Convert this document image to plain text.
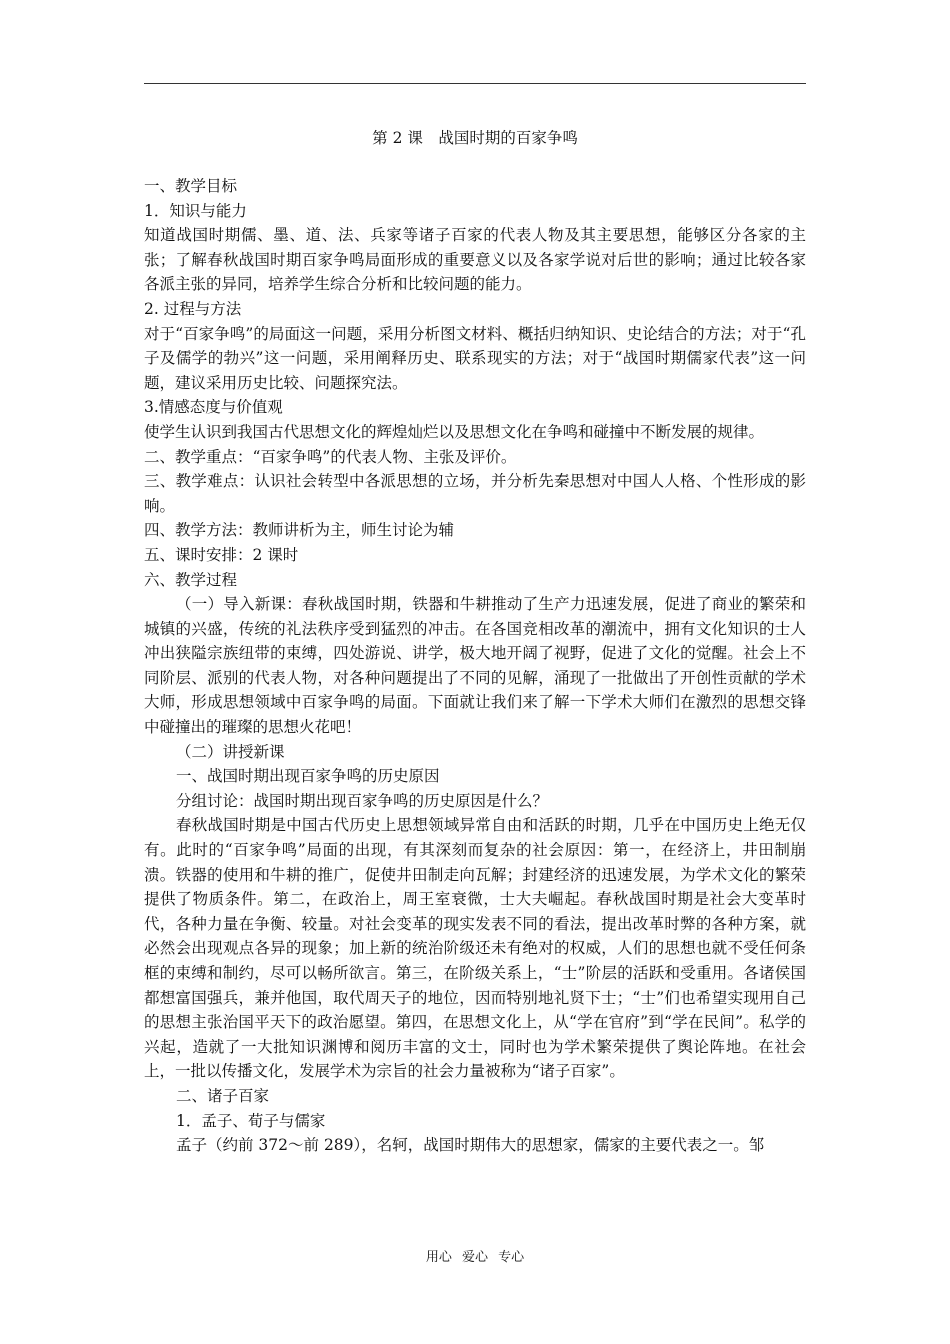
第 2 课　战国时期的百家争鸣

一、教学目标

1．知识与能力

知道战国时期儒、墨、道、法、兵家等诸子百家的代表人物及其主要思想，能够区分各家的主张；了解春秋战国时期百家争鸣局面形成的重要意义以及各家学说对后世的影响；通过比较各家各派主张的异同，培养学生综合分析和比较问题的能力。

2. 过程与方法

对于“百家争鸣”的局面这一问题，采用分析图文材料、概括归纳知识、史论结合的方法；对于“孔子及儒学的勃兴”这一问题，采用阐释历史、联系现实的方法；对于“战国时期儒家代表”这一问题，建议采用历史比较、问题探究法。

3.情感态度与价值观

使学生认识到我国古代思想文化的辉煌灿烂以及思想文化在争鸣和碰撞中不断发展的规律。

二、教学重点：“百家争鸣”的代表人物、主张及评价。

三、教学难点：认识社会转型中各派思想的立场，并分析先秦思想对中国人人格、个性形成的影响。

四、教学方法：教师讲析为主，师生讨论为辅

五、课时安排：2 课时

六、教学过程

（一）导入新课：春秋战国时期，铁器和牛耕推动了生产力迅速发展，促进了商业的繁荣和城镇的兴盛，传统的礼法秩序受到猛烈的冲击。在各国竞相改革的潮流中，拥有文化知识的士人冲出狭隘宗族纽带的束缚，四处游说、讲学，极大地开阔了视野，促进了文化的觉醒。社会上不同阶层、派别的代表人物，对各种问题提出了不同的见解，涌现了一批做出了开创性贡献的学术大师，形成思想领域中百家争鸣的局面。下面就让我们来了解一下学术大师们在激烈的思想交锋中碰撞出的璀璨的思想火花吧！

（二）讲授新课

一、战国时期出现百家争鸣的历史原因

分组讨论：战国时期出现百家争鸣的历史原因是什么？

春秋战国时期是中国古代历史上思想领域异常自由和活跃的时期，几乎在中国历史上绝无仅有。此时的“百家争鸣”局面的出现，有其深刻而复杂的社会原因：第一，在经济上，井田制崩溃。铁器的使用和牛耕的推广，促使井田制走向瓦解；封建经济的迅速发展，为学术文化的繁荣提供了物质条件。第二，在政治上，周王室衰微，士大夫崛起。春秋战国时期是社会大变革时代，各种力量在争衡、较量。对社会变革的现实发表不同的看法，提出改革时弊的各种方案，就必然会出现观点各异的现象；加上新的统治阶级还未有绝对的权威，人们的思想也就不受任何条框的束缚和制约，尽可以畅所欲言。第三，在阶级关系上，“士”阶层的活跃和受重用。各诸侯国都想富国强兵，兼并他国，取代周天子的地位，因而特别地礼贤下士；“士”们也希望实现用自己的思想主张治国平天下的政治愿望。第四，在思想文化上，从“学在官府”到“学在民间”。私学的兴起，造就了一大批知识渊博和阅历丰富的文士，同时也为学术繁荣提供了舆论阵地。在社会上，一批以传播文化，发展学术为宗旨的社会力量被称为“诸子百家”。

二、诸子百家

1．孟子、荀子与儒家

孟子（约前 372～前 289），名轲，战国时期伟大的思想家，儒家的主要代表之一。邹

用心 爱心 专心
